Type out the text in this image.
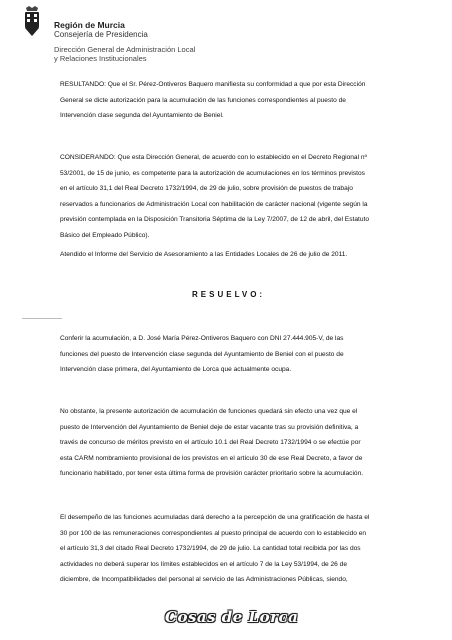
Región de Murcia
Consejería de Presidencia
Dirección General de Administración Local
y Relaciones Institucionales
RESULTANDO: Que el Sr. Pérez-Ontiveros Baquero manifiesta su conformidad a que por esta Dirección
General se dicte autorización para la acumulación de las funciones correspondientes al puesto de
Intervención clase segunda del Ayuntamiento de Beniel.
CONSIDERANDO: Que esta Dirección General, de acuerdo con lo establecido en el Decreto Regional nº
53/2001, de 15 de junio, es competente para la autorización de acumulaciones en los términos previstos
en el artículo 31,1 del Real Decreto 1732/1994, de 29 de julio, sobre provisión de puestos de trabajo
reservados a funcionarios de Administración Local con habilitación de carácter nacional (vigente según la
previsión contemplada en la Disposición Transitoria Séptima de la Ley 7/2007, de 12 de abril, del Estatuto
Básico del Empleado Público).
Atendido el Informe del Servicio de Asesoramiento a las Entidades Locales de 26 de julio de 2011.
RESUELVO:
Conferir la acumulación, a D. José María Pérez-Ontiveros Baquero con DNI 27.444.905-V, de las
funciones del puesto de Intervención clase segunda del Ayuntamiento de Beniel con el puesto de
Intervención clase primera, del Ayuntamiento de Lorca que actualmente ocupa.
No obstante, la presente autorización de acumulación de funciones quedará sin efecto una vez que el
puesto de Intervención del Ayuntamiento de Beniel deje de estar vacante tras su provisión definitiva, a
través de concurso de méritos previsto en el artículo 10.1 del Real Decreto 1732/1994 o se efectúe por
esta CARM nombramiento provisional de los previstos en el artículo 30 de ese Real Decreto, a favor de
funcionario habilitado, por tener esta última forma de provisión carácter prioritario sobre la acumulación.
El desempeño de las funciones acumuladas dará derecho a la percepción de una gratificación de hasta el
30 por 100 de las remuneraciones correspondientes al puesto principal de acuerdo con lo establecido en
el artículo 31,3 del citado Real Decreto 1732/1994, de 29 de julio. La cantidad total recibida por las dos
actividades no deberá superar los límites establecidos en el artículo 7 de la Ley 53/1994, de 26 de
diciembre, de Incompatibilidades del personal al servicio de las Administraciones Públicas, siendo,
Cosas de Lorca
